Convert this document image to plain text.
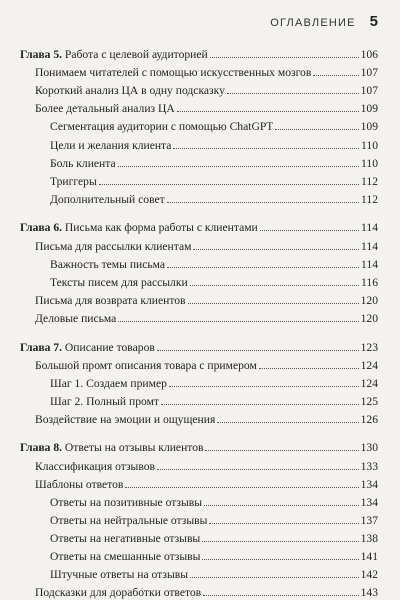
ОГЛАВЛЕНИЕ 5
Глава 5. Работа с целевой аудиторией	106
Понимаем читателей с помощью искусственных мозгов	107
Короткий анализ ЦА в одну подсказку	107
Более детальный анализ ЦА	109
Сегментация аудитории с помощью ChatGPT	109
Цели и желания клиента	110
Боль клиента	110
Триггеры	112
Дополнительный совет	112
Глава 6. Письма как форма работы с клиентами	114
Письма для рассылки клиентам	114
Важность темы письма	114
Тексты писем для рассылки	116
Письма для возврата клиентов	120
Деловые письма	120
Глава 7. Описание товаров	123
Большой промт описания товара с примером	124
Шаг 1. Создаем пример	124
Шаг 2. Полный промт	125
Воздействие на эмоции и ощущения	126
Глава 8. Ответы на отзывы клиентов	130
Классификация отзывов	133
Шаблоны ответов	134
Ответы на позитивные отзывы	134
Ответы на нейтральные отзывы	137
Ответы на негативные отзывы	138
Ответы на смешанные отзывы	141
Штучные ответы на отзывы	142
Подсказки для доработки ответов	143
